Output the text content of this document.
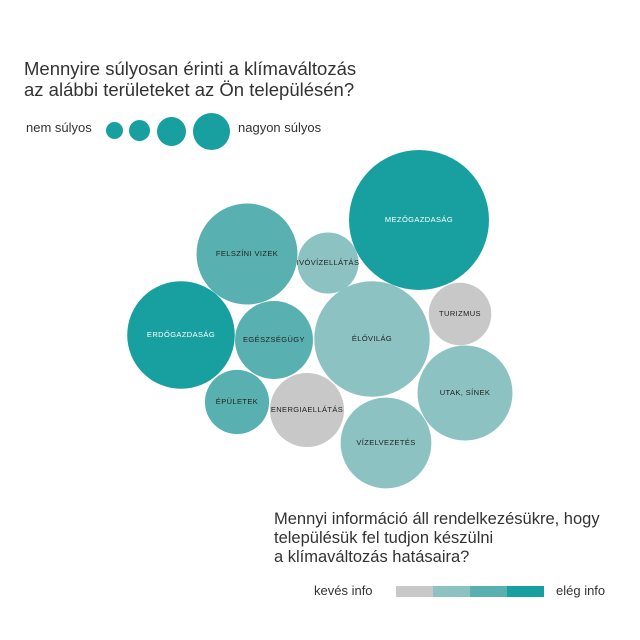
Mennyire súlyosan érinti a klímaváltozás
az alábbi területeket az Ön településén?
nem súlyos	nagyon súlyos
MEZŐGAZDASÁG
ERDŐGAZDASÁG	ÉLŐVILÁG
FELSZÍNI VIZEK
UTAK, SÍNEK
VÍZELVEZETÉS
EGÉSZSÉGÜGY
ENERGIAELLÁTÁS
ÉPÜLETEK
TURIZMUS
IVÓVÍZELLÁTÁS
Mennyi információ áll rendelkezésükre, hogy
településük fel tudjon készülni
a klímaváltozás hatásaira?
kevés info	elég info
